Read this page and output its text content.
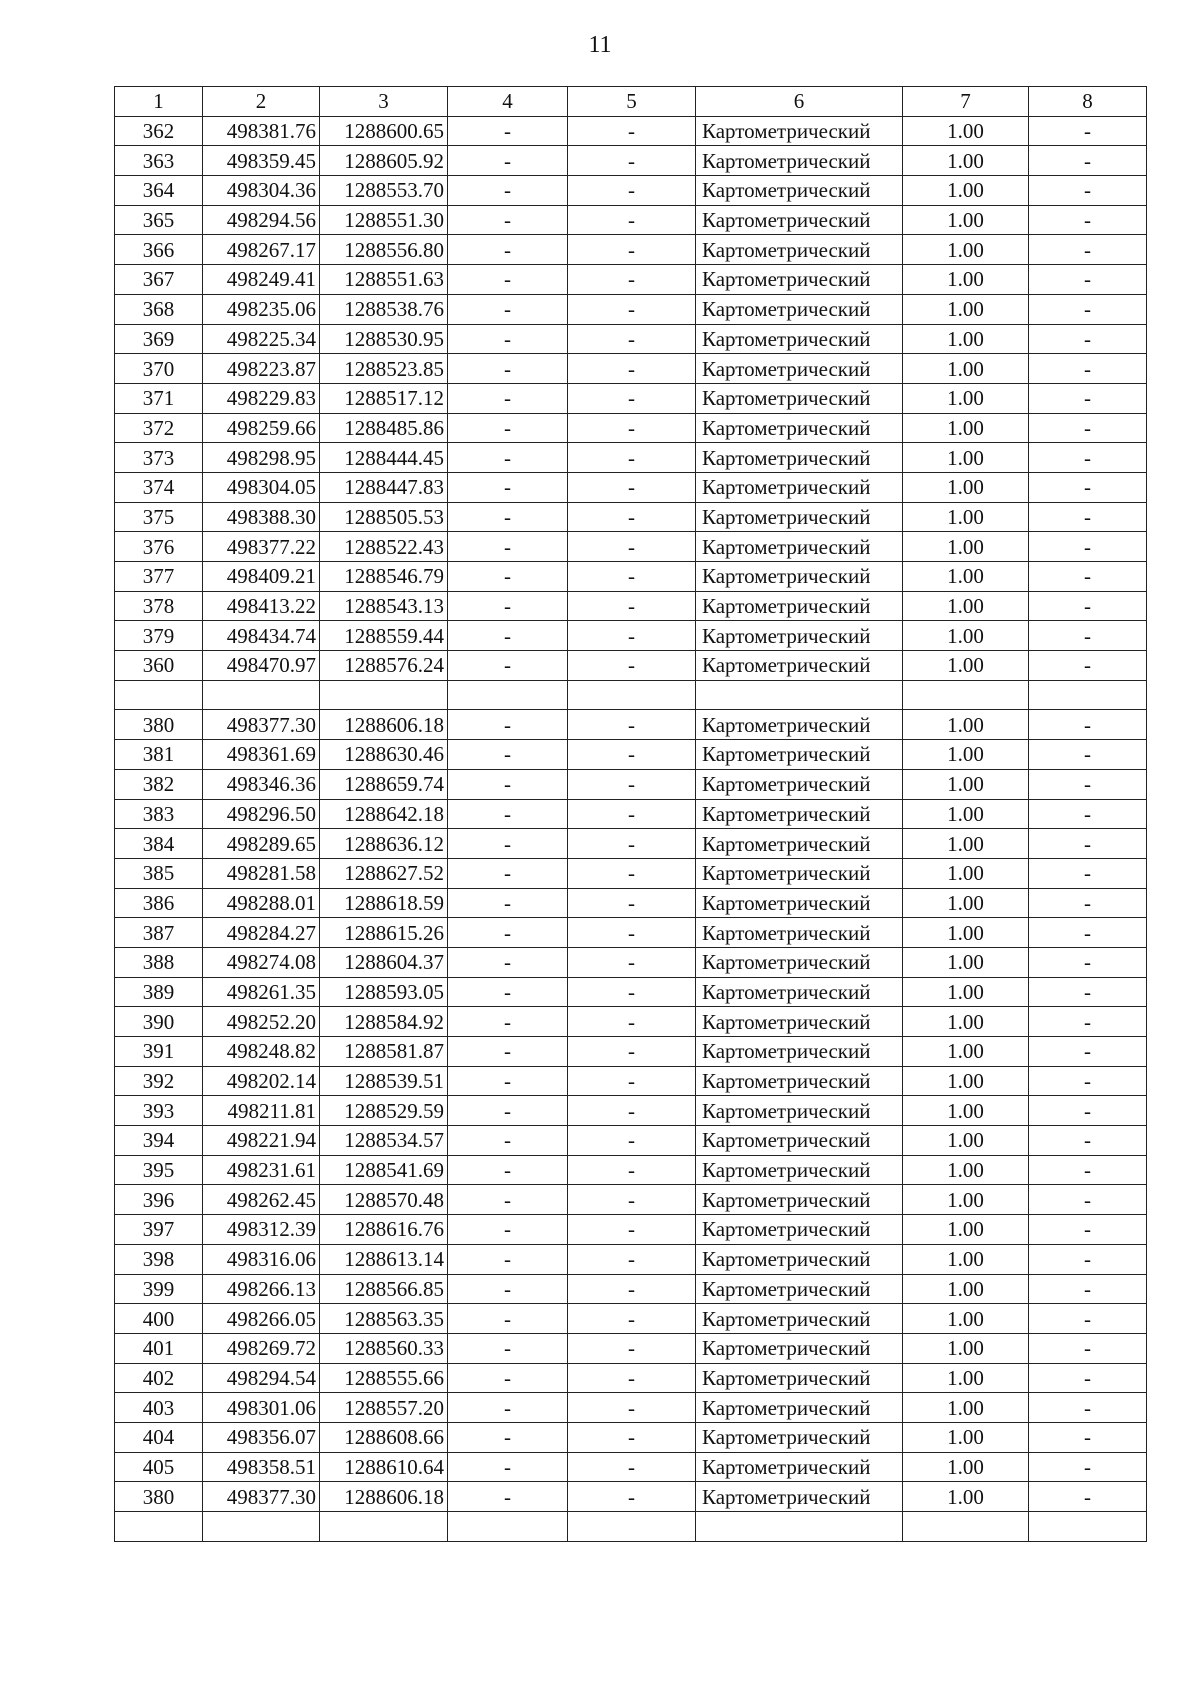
11
1	2	3	4	5	6	7	8
362	498381.76	1288600.65	-	-	Картометрический	1.00	-
363	498359.45	1288605.92	-	-	Картометрический	1.00	-
364	498304.36	1288553.70	-	-	Картометрический	1.00	-
365	498294.56	1288551.30	-	-	Картометрический	1.00	-
366	498267.17	1288556.80	-	-	Картометрический	1.00	-
367	498249.41	1288551.63	-	-	Картометрический	1.00	-
368	498235.06	1288538.76	-	-	Картометрический	1.00	-
369	498225.34	1288530.95	-	-	Картометрический	1.00	-
370	498223.87	1288523.85	-	-	Картометрический	1.00	-
371	498229.83	1288517.12	-	-	Картометрический	1.00	-
372	498259.66	1288485.86	-	-	Картометрический	1.00	-
373	498298.95	1288444.45	-	-	Картометрический	1.00	-
374	498304.05	1288447.83	-	-	Картометрический	1.00	-
375	498388.30	1288505.53	-	-	Картометрический	1.00	-
376	498377.22	1288522.43	-	-	Картометрический	1.00	-
377	498409.21	1288546.79	-	-	Картометрический	1.00	-
378	498413.22	1288543.13	-	-	Картометрический	1.00	-
379	498434.74	1288559.44	-	-	Картометрический	1.00	-
360	498470.97	1288576.24	-	-	Картометрический	1.00	-

380	498377.30	1288606.18	-	-	Картометрический	1.00	-
381	498361.69	1288630.46	-	-	Картометрический	1.00	-
382	498346.36	1288659.74	-	-	Картометрический	1.00	-
383	498296.50	1288642.18	-	-	Картометрический	1.00	-
384	498289.65	1288636.12	-	-	Картометрический	1.00	-
385	498281.58	1288627.52	-	-	Картометрический	1.00	-
386	498288.01	1288618.59	-	-	Картометрический	1.00	-
387	498284.27	1288615.26	-	-	Картометрический	1.00	-
388	498274.08	1288604.37	-	-	Картометрический	1.00	-
389	498261.35	1288593.05	-	-	Картометрический	1.00	-
390	498252.20	1288584.92	-	-	Картометрический	1.00	-
391	498248.82	1288581.87	-	-	Картометрический	1.00	-
392	498202.14	1288539.51	-	-	Картометрический	1.00	-
393	498211.81	1288529.59	-	-	Картометрический	1.00	-
394	498221.94	1288534.57	-	-	Картометрический	1.00	-
395	498231.61	1288541.69	-	-	Картометрический	1.00	-
396	498262.45	1288570.48	-	-	Картометрический	1.00	-
397	498312.39	1288616.76	-	-	Картометрический	1.00	-
398	498316.06	1288613.14	-	-	Картометрический	1.00	-
399	498266.13	1288566.85	-	-	Картометрический	1.00	-
400	498266.05	1288563.35	-	-	Картометрический	1.00	-
401	498269.72	1288560.33	-	-	Картометрический	1.00	-
402	498294.54	1288555.66	-	-	Картометрический	1.00	-
403	498301.06	1288557.20	-	-	Картометрический	1.00	-
404	498356.07	1288608.66	-	-	Картометрический	1.00	-
405	498358.51	1288610.64	-	-	Картометрический	1.00	-
380	498377.30	1288606.18	-	-	Картометрический	1.00	-
